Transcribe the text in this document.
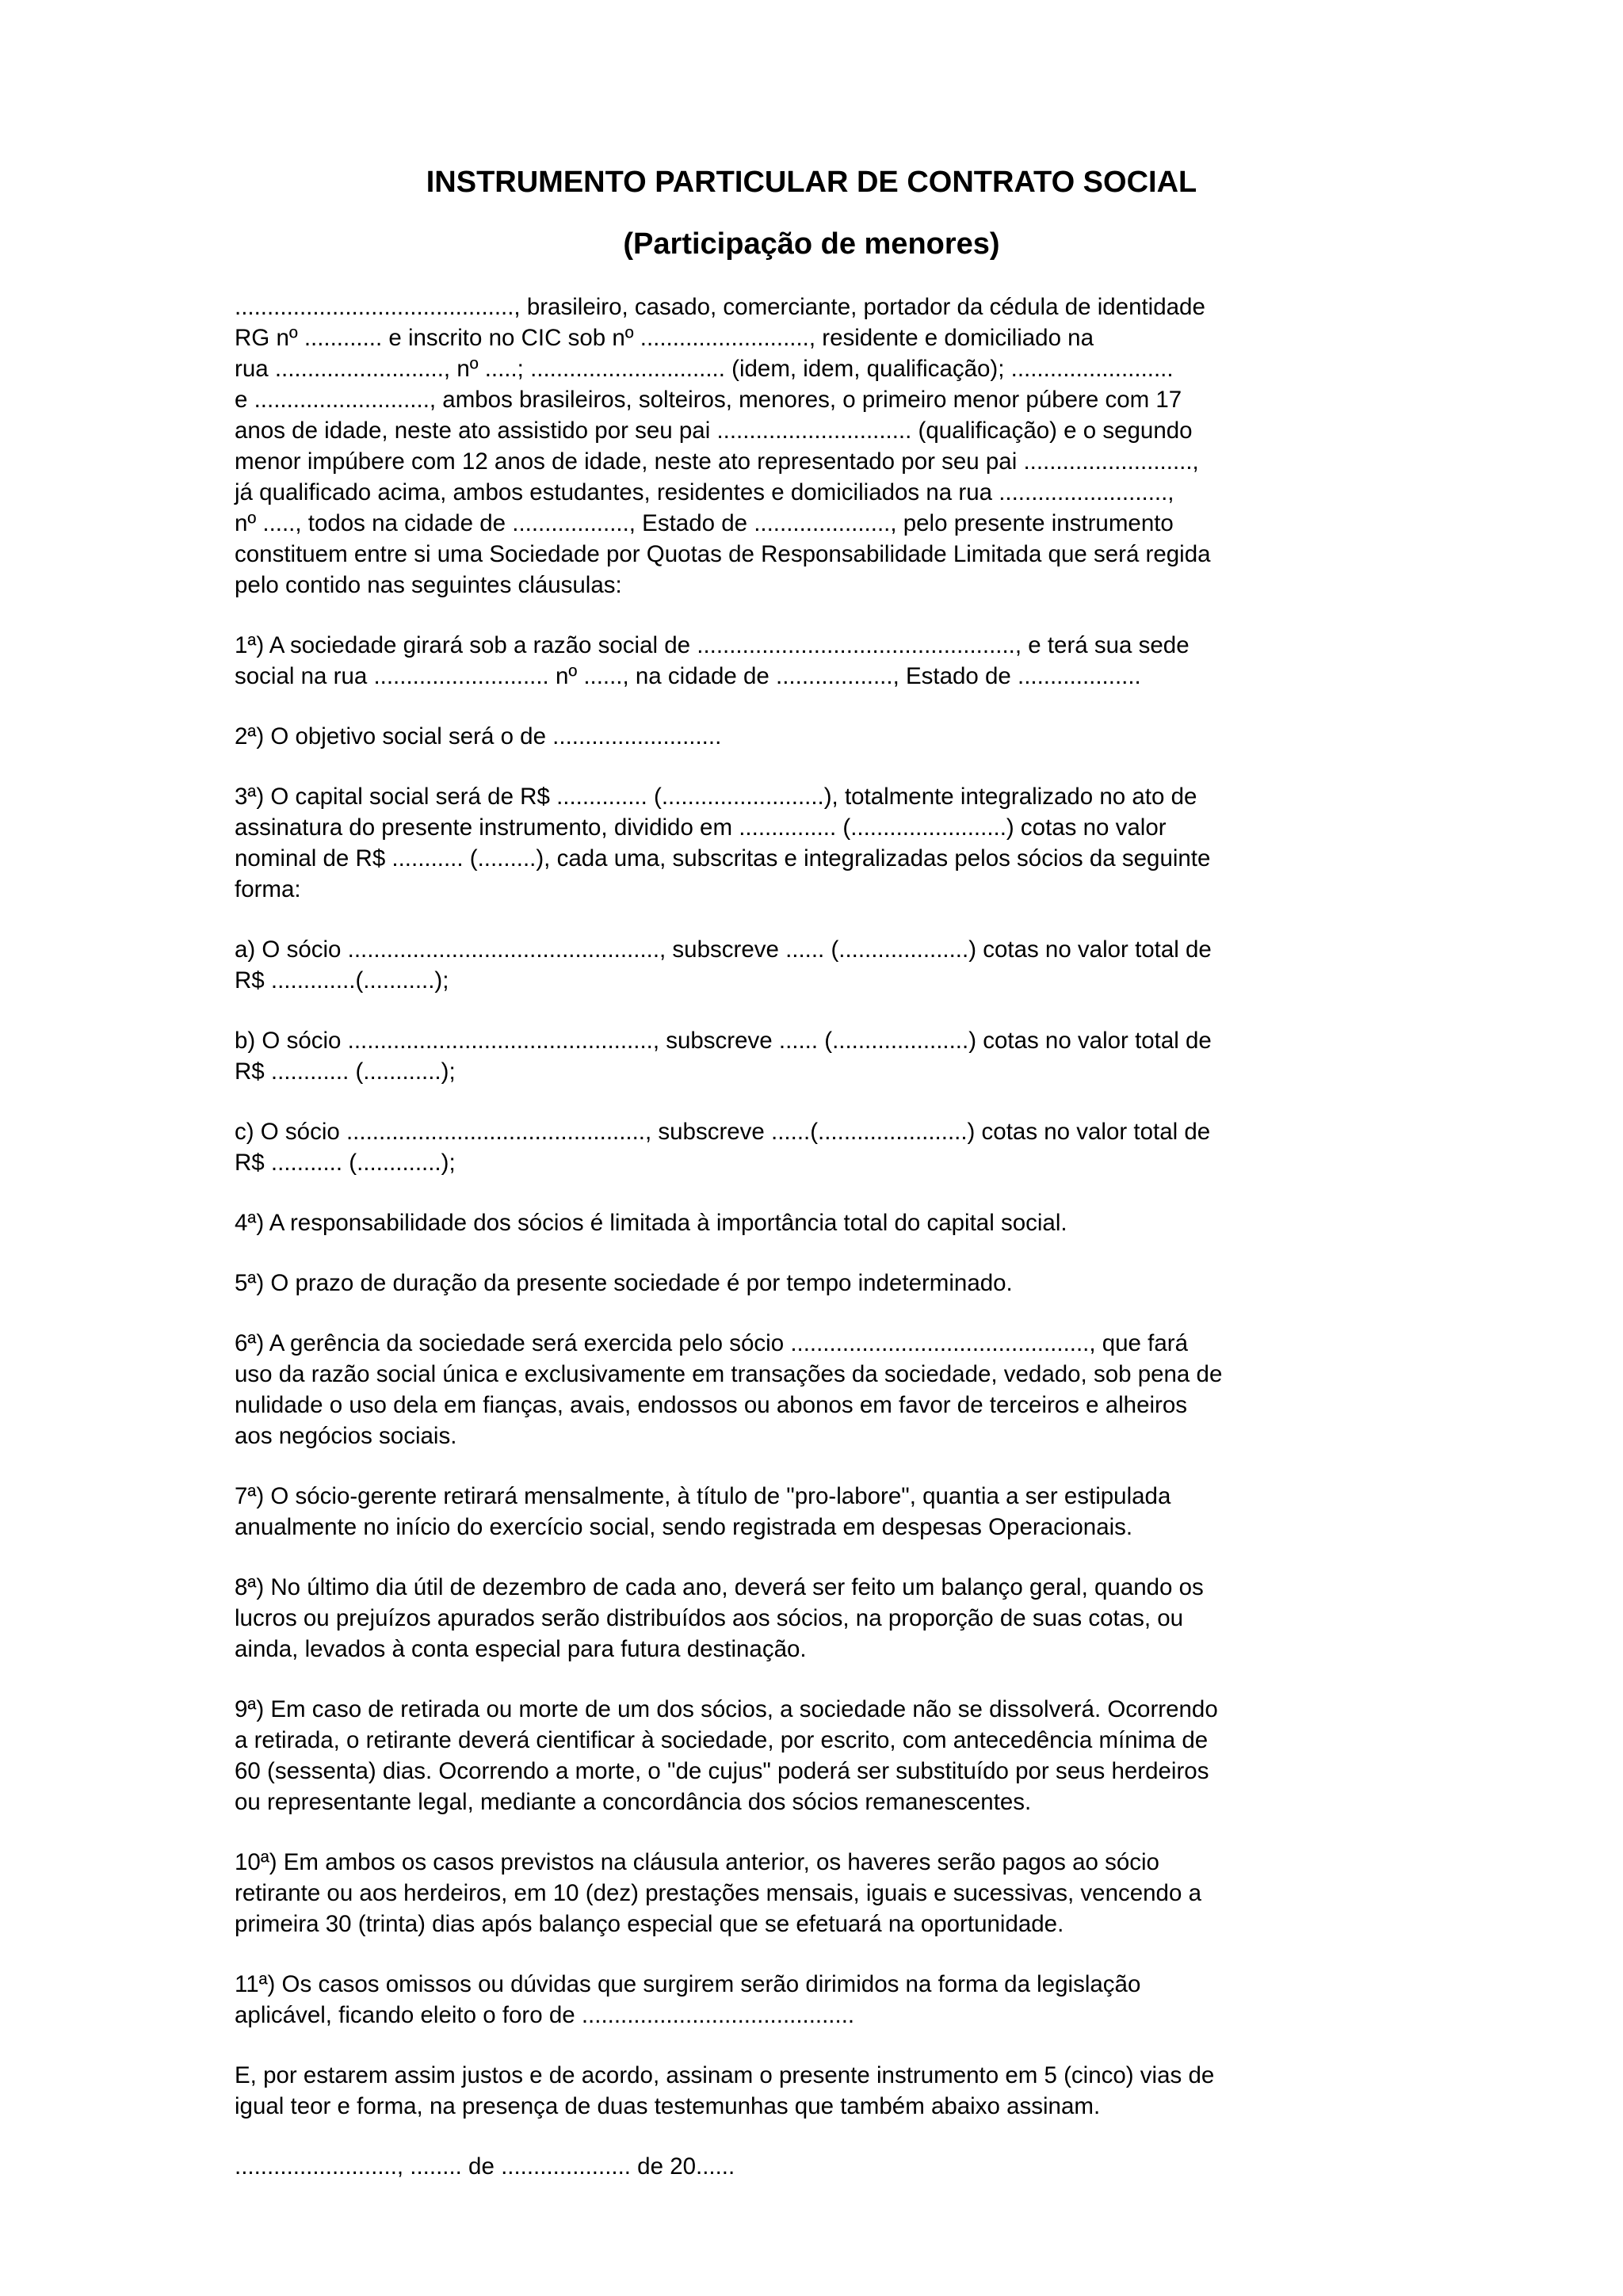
INSTRUMENTO PARTICULAR DE CONTRATO SOCIAL
(Participação de menores)

..........................................., brasileiro, casado, comerciante, portador da cédula de identidade
RG nº ............ e inscrito no CIC sob nº .........................., residente e domiciliado na
rua .........................., nº .....; .............................. (idem, idem, qualificação); .........................
e ..........................., ambos brasileiros, solteiros, menores, o primeiro menor púbere com 17
anos de idade, neste ato assistido por seu pai .............................. (qualificação) e o segundo
menor impúbere com 12 anos de idade, neste ato representado por seu pai ..........................,
já qualificado acima, ambos estudantes, residentes e domiciliados na rua ..........................,
nº ....., todos na cidade de .................., Estado de ....................., pelo presente instrumento
constituem entre si uma Sociedade por Quotas de Responsabilidade Limitada que será regida
pelo contido nas seguintes cláusulas:

1ª) A sociedade girará sob a razão social de ................................................., e terá sua sede
social na rua ........................... nº ......, na cidade de .................., Estado de ...................

2ª) O objetivo social será o de ..........................

3ª) O capital social será de R$ .............. (.........................), totalmente integralizado no ato de
assinatura do presente instrumento, dividido em ............... (........................) cotas no valor
nominal de R$ ........... (.........), cada uma, subscritas e integralizadas pelos sócios da seguinte
forma:

a) O sócio ................................................, subscreve ...... (....................) cotas no valor total de
R$ .............(...........);

b) O sócio ..............................................., subscreve ...... (.....................) cotas no valor total de
R$ ............ (............);

c) O sócio .............................................., subscreve ......(.......................) cotas no valor total de
R$ ........... (.............);

4ª) A responsabilidade dos sócios é limitada à importância total do capital social.

5ª) O prazo de duração da presente sociedade é por tempo indeterminado.

6ª) A gerência da sociedade será exercida pelo sócio .............................................., que fará
uso da razão social única e exclusivamente em transações da sociedade, vedado, sob pena de
nulidade o uso dela em fianças, avais, endossos ou abonos em favor de terceiros e alheiros
aos negócios sociais.

7ª) O sócio-gerente retirará mensalmente, à título de "pro-labore", quantia a ser estipulada
anualmente no início do exercício social, sendo registrada em despesas Operacionais.

8ª) No último dia útil de dezembro de cada ano, deverá ser feito um balanço geral, quando os
lucros ou prejuízos apurados serão distribuídos aos sócios, na proporção de suas cotas, ou
ainda, levados à conta especial para futura destinação.

9ª) Em caso de retirada ou morte de um dos sócios, a sociedade não se dissolverá. Ocorrendo
a retirada, o retirante deverá cientificar à sociedade, por escrito, com antecedência mínima de
60 (sessenta) dias. Ocorrendo a morte, o "de cujus" poderá ser substituído por seus herdeiros
ou representante legal, mediante a concordância dos sócios remanescentes.

10ª) Em ambos os casos previstos na cláusula anterior, os haveres serão pagos ao sócio
retirante ou aos herdeiros, em 10 (dez) prestações mensais, iguais e sucessivas, vencendo a
primeira 30 (trinta) dias após balanço especial que se efetuará na oportunidade.

11ª) Os casos omissos ou dúvidas que surgirem serão dirimidos na forma da legislação
aplicável, ficando eleito o foro de ..........................................

E, por estarem assim justos e de acordo, assinam o presente instrumento em 5 (cinco) vias de
igual teor e forma, na presença de duas testemunhas que também abaixo assinam.

........................., ........ de .................... de 20......
